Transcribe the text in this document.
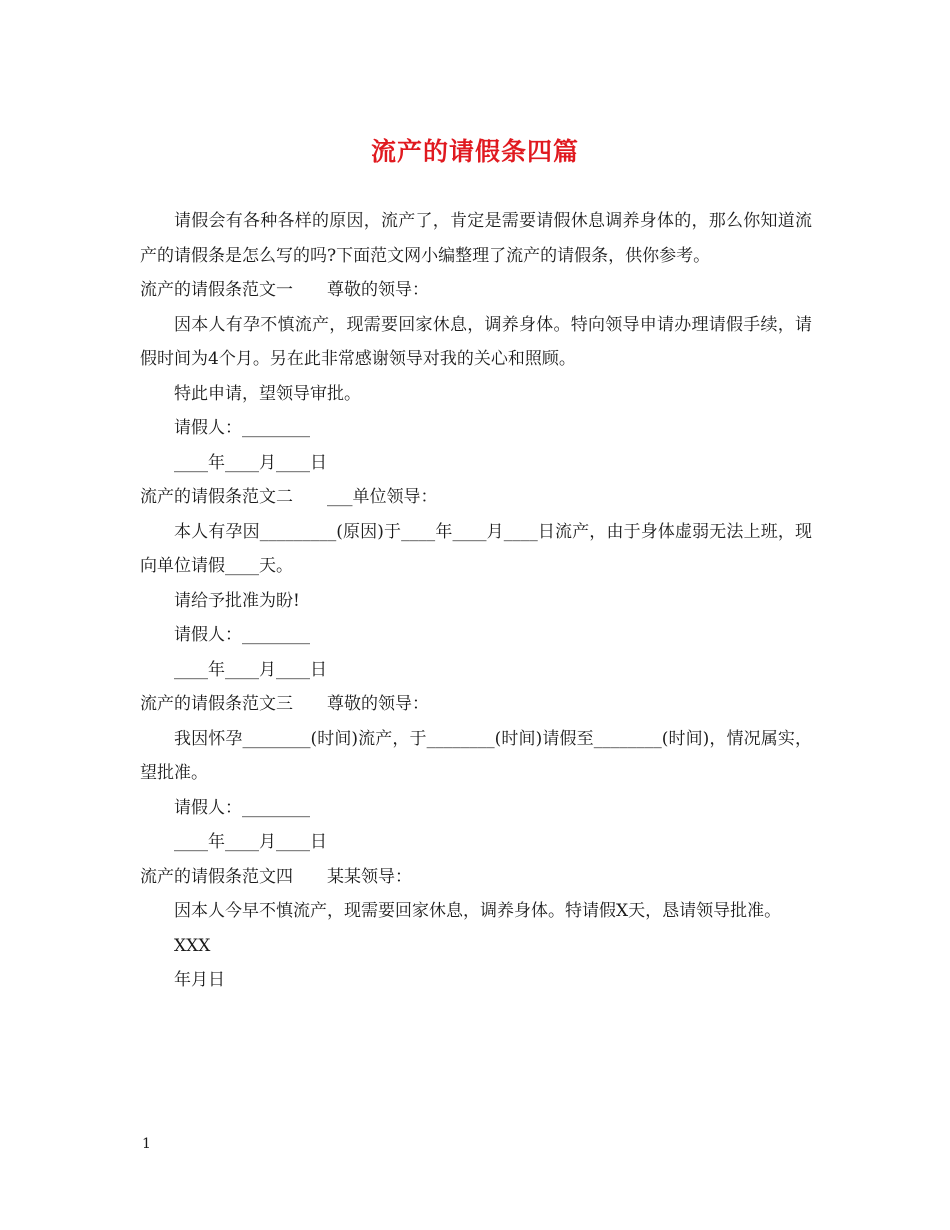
流产的请假条四篇

请假会有各种各样的原因，流产了，肯定是需要请假休息调养身体的，那么你知道流产的请假条是怎么写的吗?下面范文网小编整理了流产的请假条，供你参考。

流产的请假条范文一　　尊敬的领导：

因本人有孕不慎流产，现需要回家休息，调养身体。特向领导申请办理请假手续，请假时间为4个月。另在此非常感谢领导对我的关心和照顾。

特此申请，望领导审批。

请假人：________

____年____月____日

流产的请假条范文二　　___单位领导：

本人有孕因_________(原因)于____年____月____日流产，由于身体虚弱无法上班，现向单位请假____天。

请给予批准为盼!

请假人：________

____年____月____日

流产的请假条范文三　　尊敬的领导：

我因怀孕________(时间)流产，于________(时间)请假至________(时间)，情况属实，望批准。

请假人：________

____年____月____日

流产的请假条范文四　　某某领导：

因本人今早不慎流产，现需要回家休息，调养身体。特请假X天，恳请领导批准。

XXX

年月日

1
